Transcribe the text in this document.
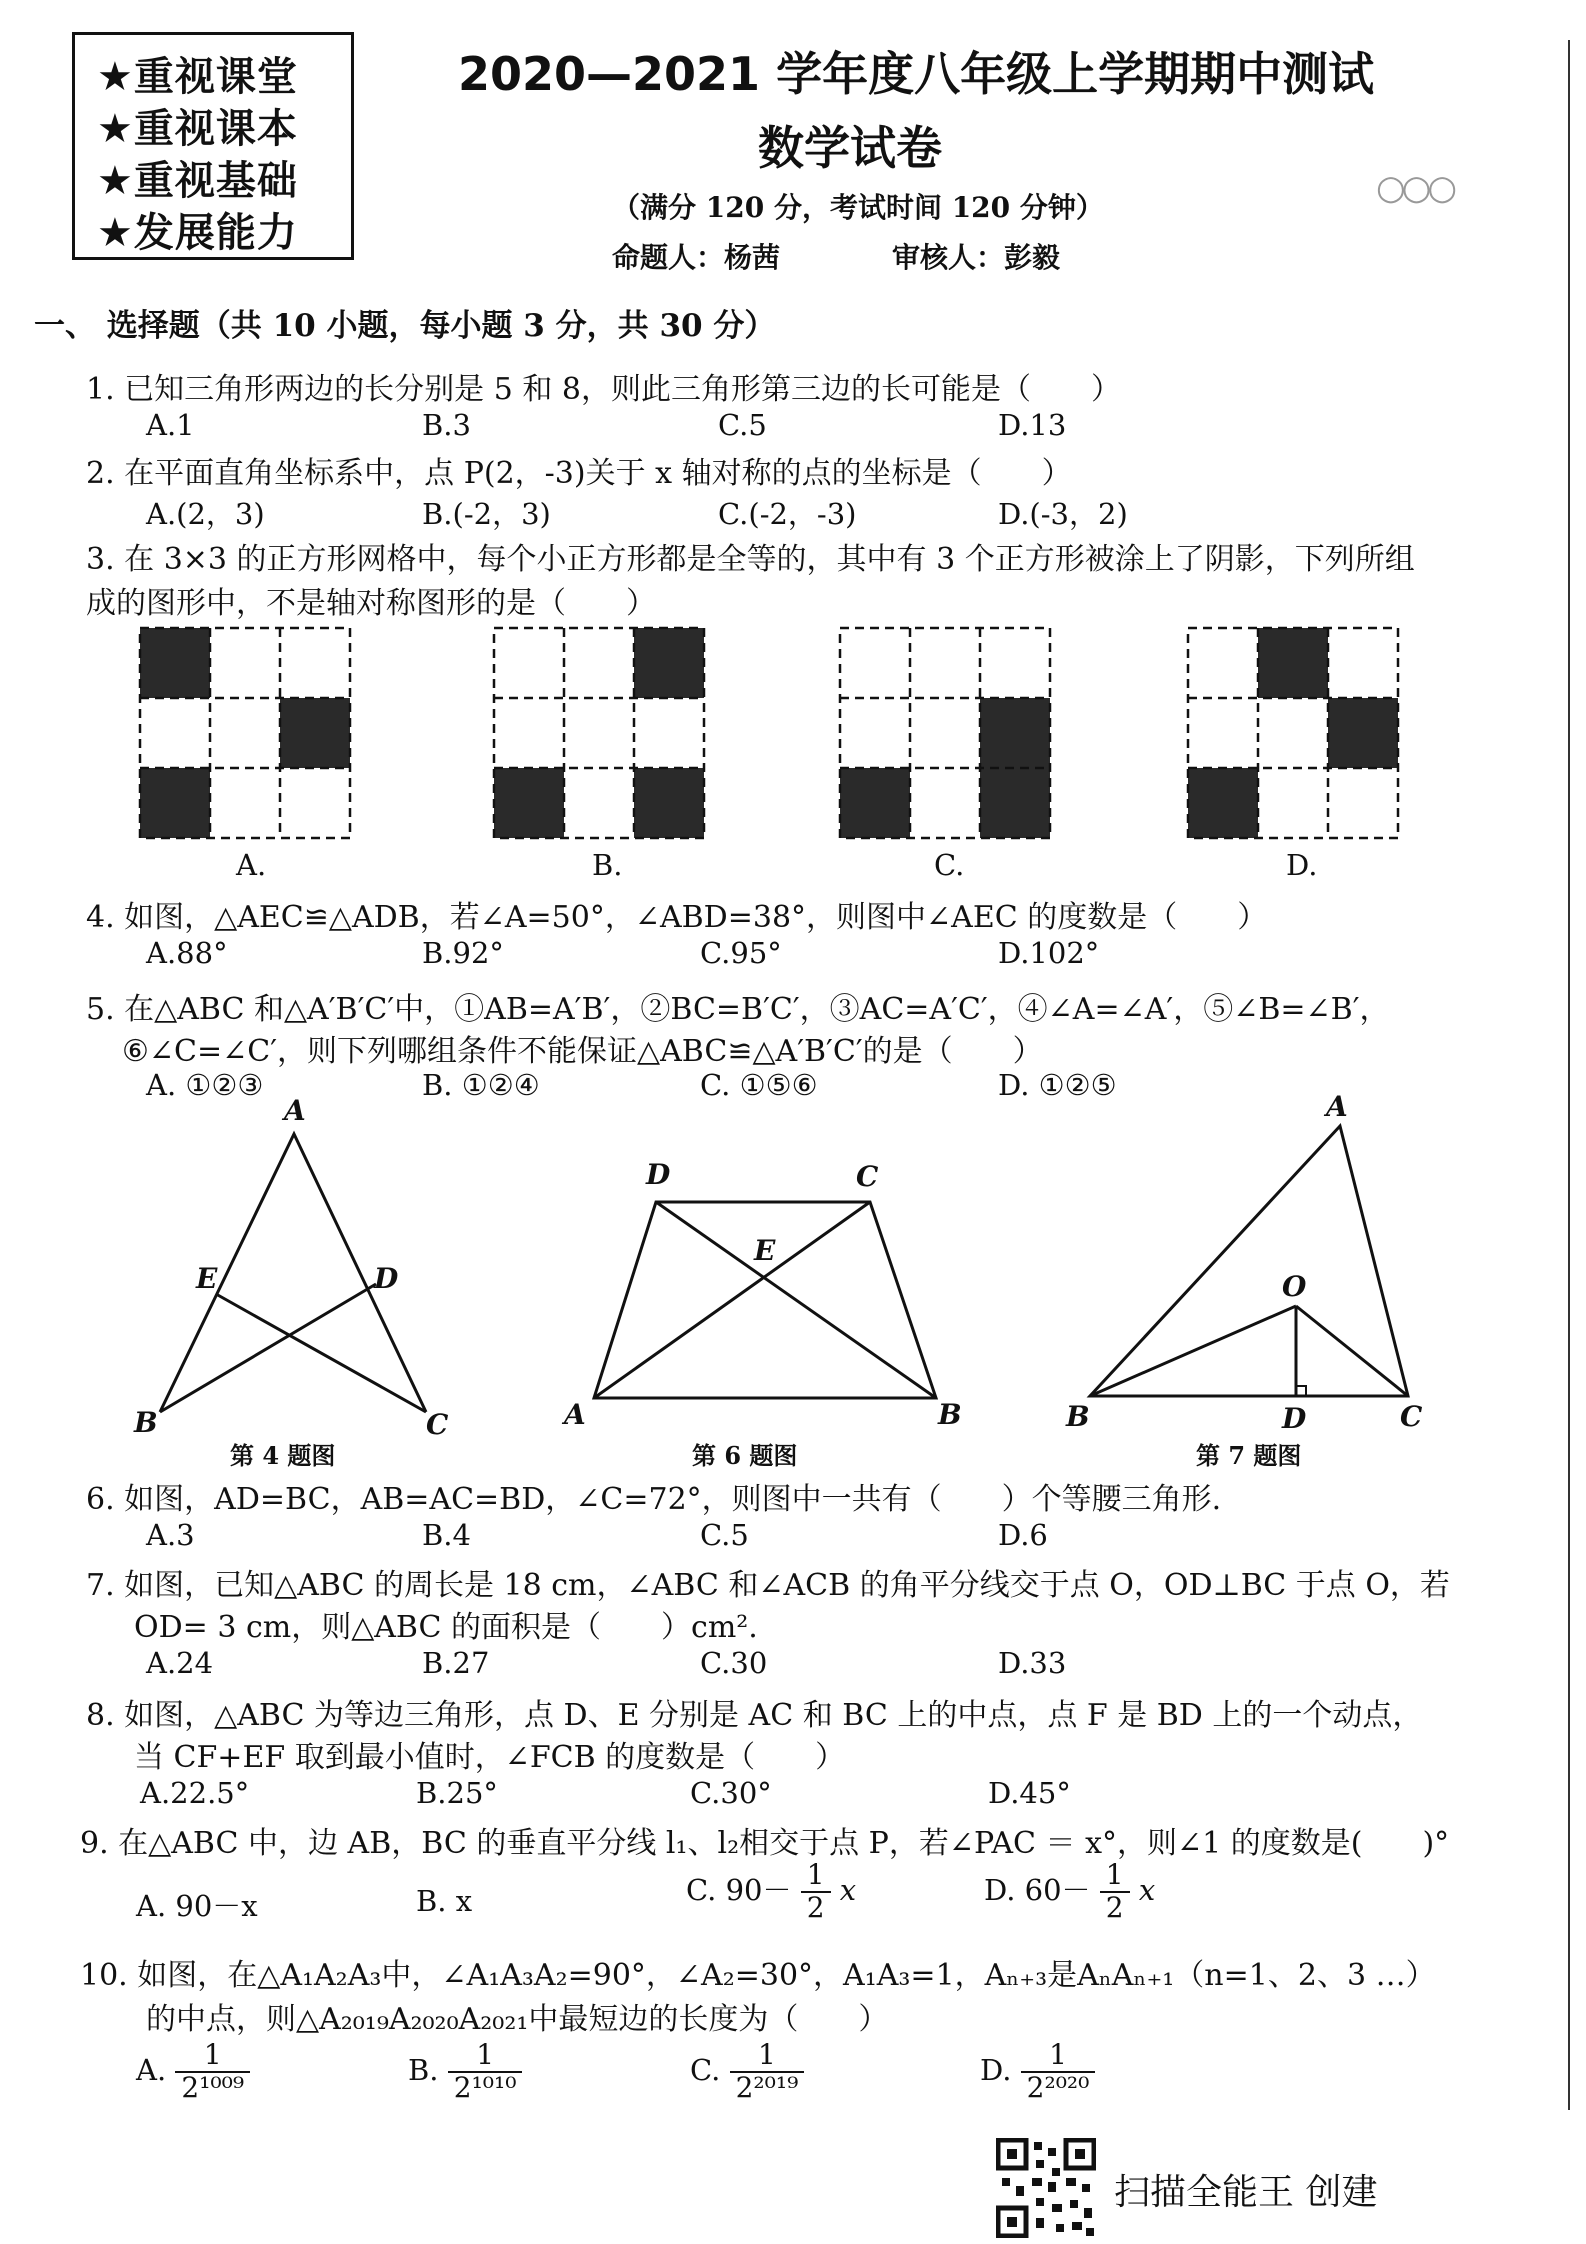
★重视课堂
★重视课本
★重视基础
★发展能力
2020—2021 学年度八年级上学期期中测试
数学试卷
（满分 120 分，考试时间 120 分钟）	○○○
命题人：杨茜	审核人：彭毅
一、 选择题（共 10 小题，每小题 3 分，共 30 分）
1. 已知三角形两边的长分别是 5 和 8，则此三角形第三边的长可能是（　　）
A.1	B.3	C.5	D.13
2. 在平面直角坐标系中，点 P(2，-3)关于 x 轴对称的点的坐标是（　　）
A.(2，3)	B.(-2，3)	C.(-2，-3)	D.(-3，2)
3. 在 3×3 的正方形网格中，每个小正方形都是全等的，其中有 3 个正方形被涂上了阴影，下列所组
成的图形中，不是轴对称图形的是（　　）
A.	B.	C.	D.
4. 如图，△AEC≌△ADB，若∠A=50°，∠ABD=38°，则图中∠AEC 的度数是（　　）
A.88°	B.92°	C.95°	D.102°
5. 在△ABC 和△A′B′C′中，①AB=A′B′，②BC=B′C′，③AC=A′C′，④∠A=∠A′，⑤∠B=∠B′，
⑥∠C=∠C′，则下列哪组条件不能保证△ABC≌△A′B′C′的是（　　）
A. ①②③	B. ①②④	C. ①⑤⑥	D. ①②⑤
A
E	D
B	C
第 4 题图
D	C
E
A	B
第 6 题图
A
O
B	D	C
第 7 题图
6. 如图，AD=BC，AB=AC=BD，∠C=72°，则图中一共有（　　）个等腰三角形.
A.3	B.4	C.5	D.6
7. 如图，已知△ABC 的周长是 18 cm，∠ABC 和∠ACB 的角平分线交于点 O，OD⊥BC 于点 O，若
OD= 3 cm，则△ABC 的面积是（　　）cm².
A.24	B.27	C.30	D.33
8. 如图，△ABC 为等边三角形，点 D、E 分别是 AC 和 BC 上的中点，点 F 是 BD 上的一个动点，
当 CF+EF 取到最小值时，∠FCB 的度数是（　　）
A.22.5°	B.25°	C.30°	D.45°
9. 在△ABC 中，边 AB，BC 的垂直平分线 l₁、l₂相交于点 P，若∠PAC ＝ x°，则∠1 的度数是(　　)°
A. 90－x	B. x	C. $90- \frac{1}{2}$ x	D. $60- \frac{1}{2}$ x
10. 如图，在△A₁A₂A₃中，∠A₁A₃A₂=90°，∠A₂=30°，A₁A₃=1，Aₙ₊₃是AₙAₙ₊₁（n=1、2、3 …）
的中点，则△A₂₀₁₉A₂₀₂₀A₂₀₂₁中最短边的长度为（　　）
A. $\frac{1}{\text{2¹⁰⁰⁹}}$	B. $\frac{1}{\text{2¹⁰¹⁰}}$	C. $\frac{1}{\text{2²⁰¹⁹}}$	D. $\frac{1}{\text{2²⁰²⁰}}$
扫描全能王 创建
